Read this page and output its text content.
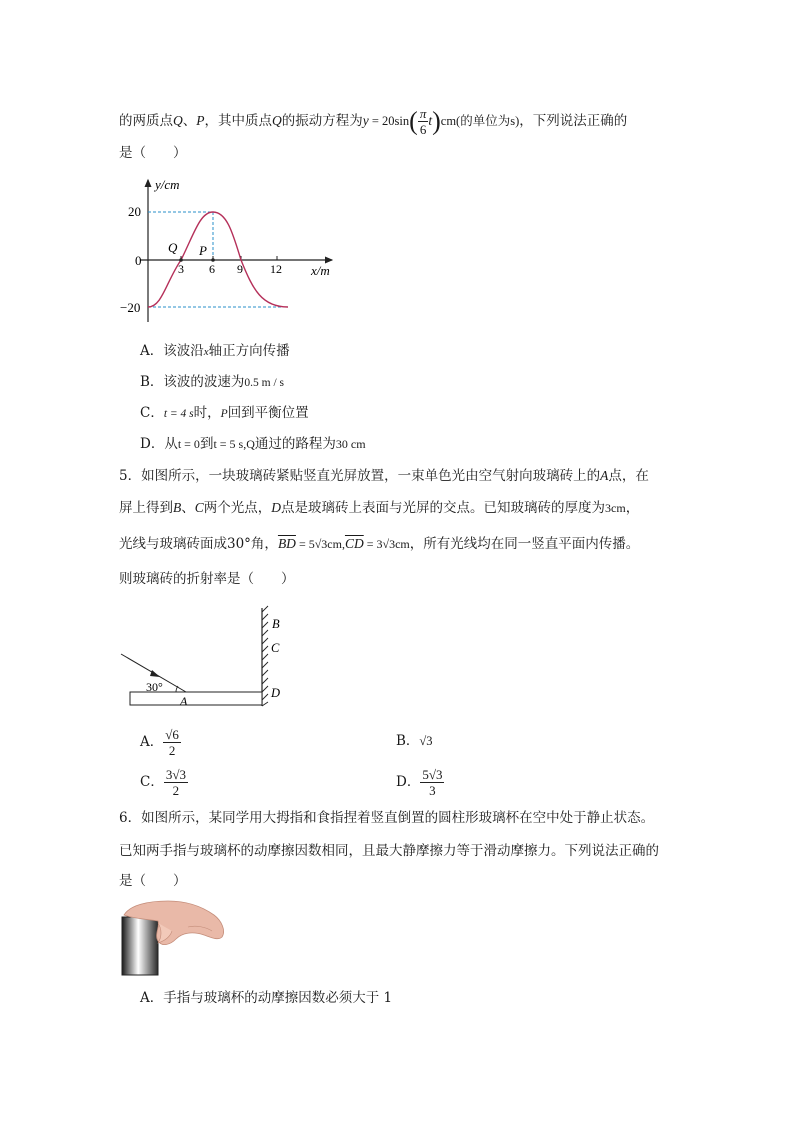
的两质点Q、P，其中质点Q的振动方程为$y = 20\sin( \frac{\pi}{6} t)cm$(的单位为s)，下列说法正确的
是（　　）
y/cm
x/m
20
0
−20
3 6 9 12
Q P
A．该波沿x轴正方向传播
B．该波的波速为0.5 m / s
C．t = 4 s时，P回到平衡位置
D．从t = 0到t = 5 s,Q通过的路程为30 cm
5．如图所示，一块玻璃砖紧贴竖直光屏放置，一束单色光由空气射向玻璃砖上的A点，在
屏上得到B、C两个光点，D点是玻璃砖上表面与光屏的交点。已知玻璃砖的厚度为3cm，
光线与玻璃砖面成30°角，$\overline{BD} = 5√3cm,\overline{CD} = 3√3cm$，所有光线均在同一竖直平面内传播。
则玻璃砖的折射率是（　　）
30°
A
B
C
D
A． $\frac{√6}{2}$	B．√3
C． $\frac{3√3}{2}$	D． $\frac{5√3}{3}$
6．如图所示，某同学用大拇指和食指捏着竖直倒置的圆柱形玻璃杯在空中处于静止状态。
已知两手指与玻璃杯的动摩擦因数相同，且最大静摩擦力等于滑动摩擦力。下列说法正确的
是（　　）
A．手指与玻璃杯的动摩擦因数必须大于 1
